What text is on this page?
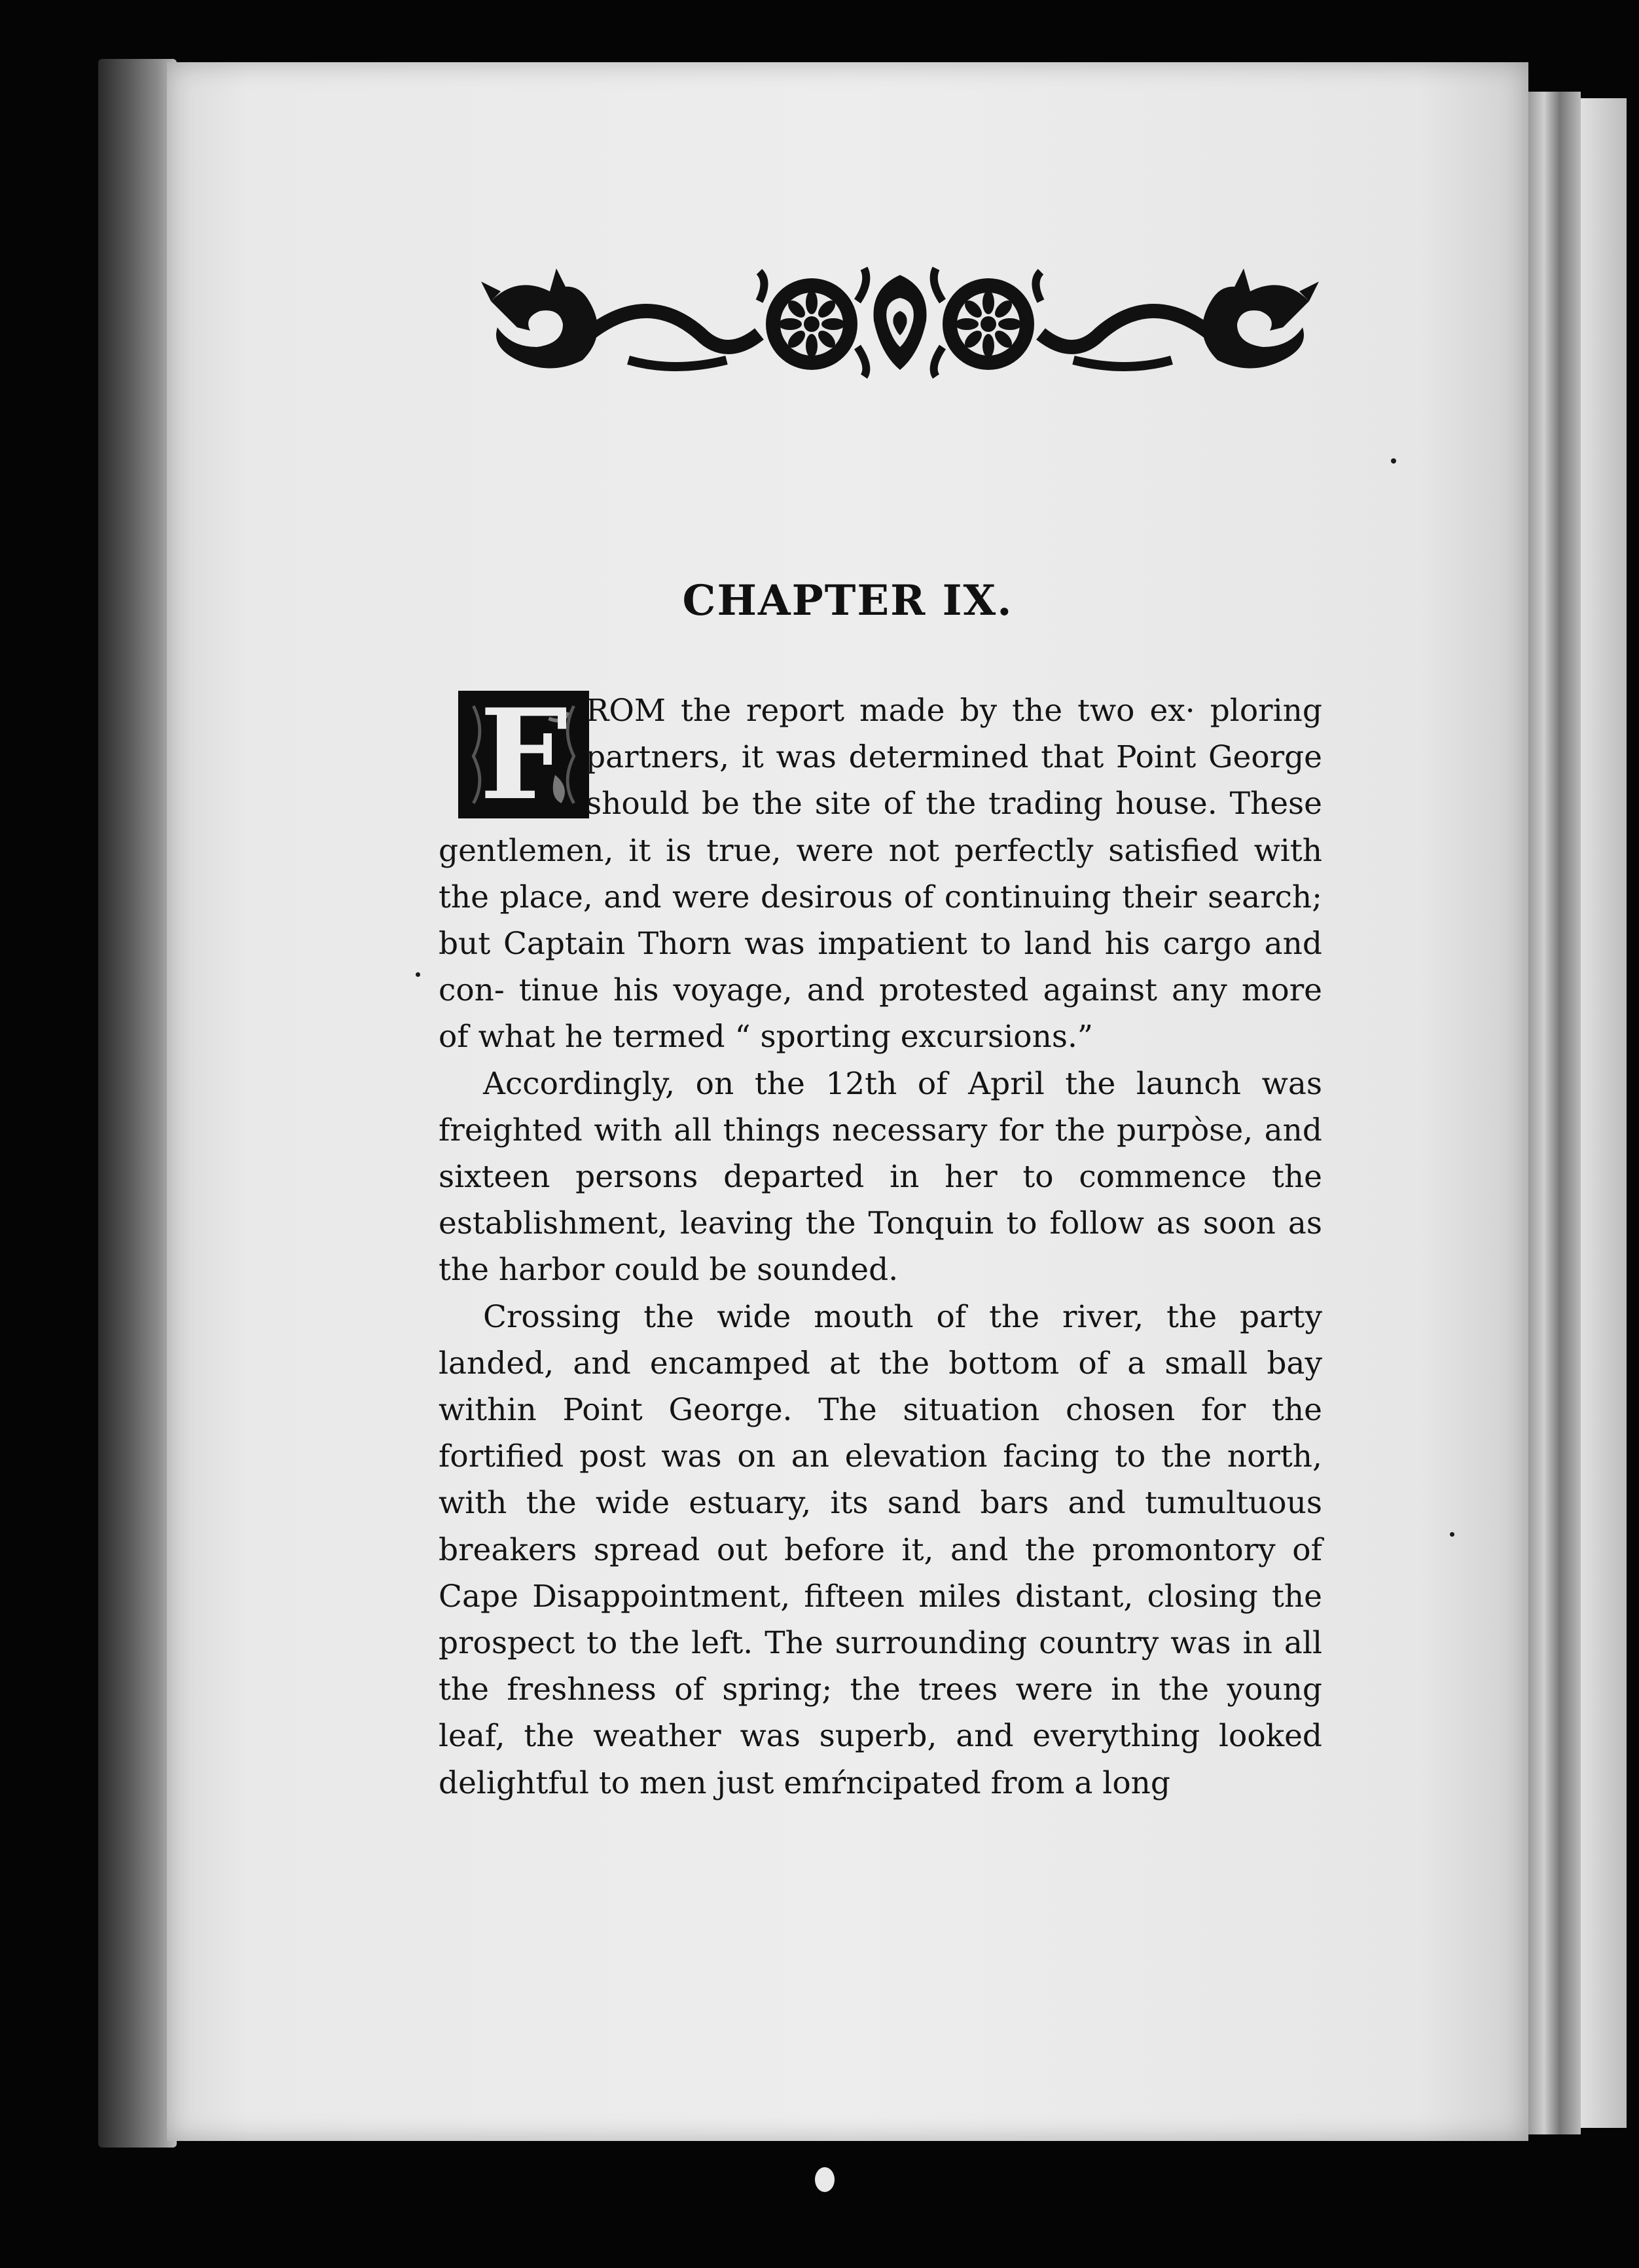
CHAPTER IX.
F ROM the report made by the two ex· ploring partners, it was determined that Point George should be the site of the trading house. These gentlemen, it is true, were not perfectly satisfied with the place, and were desirous of continuing their search; but Captain Thorn was impatient to land his cargo and con- tinue his voyage, and protested against any more of what he termed “ sporting excursions.”

Accordingly, on the 12th of April the launch was freighted with all things necessary for the purpòse, and sixteen persons departed in her to commence the establishment, leaving the Tonquin to follow as soon as the harbor could be sounded.

Crossing the wide mouth of the river, the party landed, and encamped at the bottom of a small bay within Point George. The situation chosen for the fortified post was on an elevation facing to the north, with the wide estuary, its sand bars and tumultuous breakers spread out before it, and the promontory of Cape Disappointment, fifteen miles distant, closing the prospect to the left. The surrounding country was in all the freshness of spring; the trees were in the young leaf, the weather was superb, and everything looked delightful to men just emŕncipated from a long
